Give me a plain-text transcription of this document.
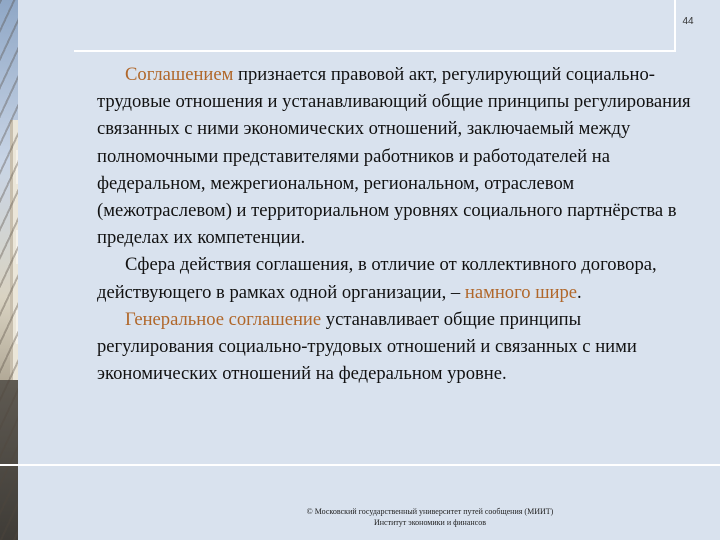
44

Соглашением признается правовой акт, регулирующий социально-трудовые отношения и устанавливающий общие принципы регулирования связанных с ними экономических отношений, заключаемый между полномочными представителями работников и работодателей на федеральном, межрегиональном, региональном, отраслевом (межотраслевом) и территориальном уровнях социального партнёрства в пределах их компетенции.

Сфера действия соглашения, в отличие от коллективного договора, действующего в рамках одной организации, – намного шире.

Генеральное соглашение устанавливает общие принципы регулирования социально-трудовых отношений и связанных с ними экономических отношений на федеральном уровне.

© Московский государственный университет путей сообщения (МИИТ)
Институт экономики и финансов
